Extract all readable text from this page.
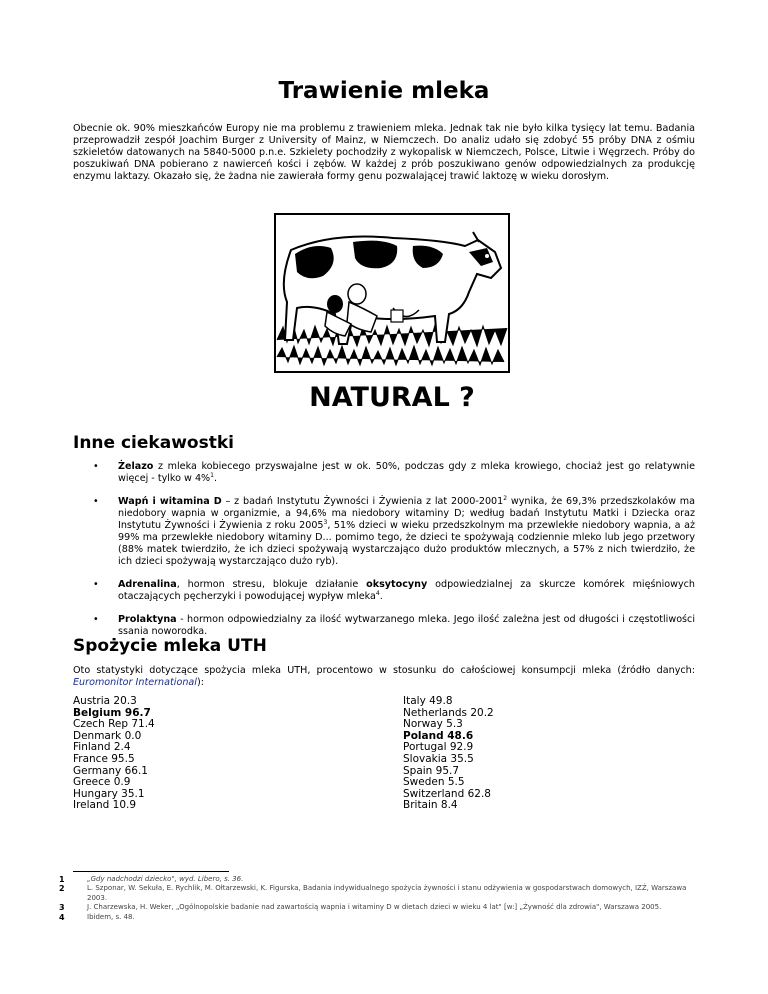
Trawienie mleka

Obecnie ok. 90% mieszkańców Europy nie ma problemu z trawieniem mleka. Jednak tak nie było kilka tysięcy lat temu. Badania przeprowadził zespół Joachim Burger z University of Mainz, w Niemczech. Do analiz udało się zdobyć 55 próby DNA z ośmiu szkieletów datowanych na 5840-5000 p.n.e. Szkielety pochodziły z wykopalisk w Niemczech, Polsce, Litwie i Węgrzech. Próby do poszukiwań DNA pobierano z nawierceń kości i zębów. W każdej z prób poszukiwano genów odpowiedzialnych za produkcję enzymu laktazy. Okazało się, że żadna nie zawierała formy genu pozwalającej trawić laktozę w wieku dorosłym.

NATURAL ?
Inne ciekawostki
• Żelazo z mleka kobiecego przyswajalne jest w ok. 50%, podczas gdy z mleka krowiego, chociaż jest go relatywnie więcej - tylko w 4%$^1$.
• Wapń i witamina D – z badań Instytutu Żywności i Żywienia z lat 2000-2001$^2$ wynika, że 69,3% przedszkolaków ma niedobory wapnia w organizmie, a 94,6% ma niedobory witaminy D; według badań Instytutu Matki i Dziecka oraz Instytutu Żywności i Żywienia z roku 2005$^3$, 51% dzieci w wieku przedszkolnym ma przewlekłe niedobory wapnia, a aż 99% ma przewlekłe niedobory witaminy D... pomimo tego, że dzieci te spożywają codziennie mleko lub jego przetwory (88% matek twierdziło, że ich dzieci spożywają wystarczająco dużo produktów mlecznych, a 57% z nich twierdziło, że ich dzieci spożywają wystarczająco dużo ryb).
• Adrenalina, hormon stresu, blokuje działanie oksytocyny odpowiedzialnej za skurcze komórek mięśniowych otaczających pęcherzyki i powodującej wypływ mleka$^4$.
• Prolaktyna - hormon odpowiedzialny za ilość wytwarzanego mleka. Jego ilość zależna jest od długości i częstotliwości ssania noworodka.
Spożycie mleka UTH

Oto statystyki dotyczące spożycia mleka UTH, procentowo w stosunku do całościowej konsumpcji mleka (źródło danych: Euromonitor International):

Austria 20.3
Belgium 96.7
Czech Rep 71.4
Denmark 0.0
Finland 2.4
France 95.5
Germany 66.1
Greece 0.9
Hungary 35.1
Ireland 10.9
Italy 49.8
Netherlands 20.2
Norway 5.3
Poland 48.6
Portugal 92.9
Slovakia 35.5
Spain 95.7
Sweden 5.5
Switzerland 62.8
Britain 8.4
1	„Gdy nadchodzi dziecko", wyd. Libero, s. 36.
2	L. Szponar, W. Sekuła, E. Rychlik, M. Ołtarzewski, K. Figurska, Badania indywidualnego spożycia żywności i stanu odżywienia w gospodarstwach domowych, IZŻ, Warszawa 2003.
3	J. Charzewska, H. Weker, „Ogólnopolskie badanie nad zawartością wapnia i witaminy D w dietach dzieci w wieku 4 lat" [w:] „Żywność dla zdrowia", Warszawa 2005.
4	Ibidem, s. 48.
